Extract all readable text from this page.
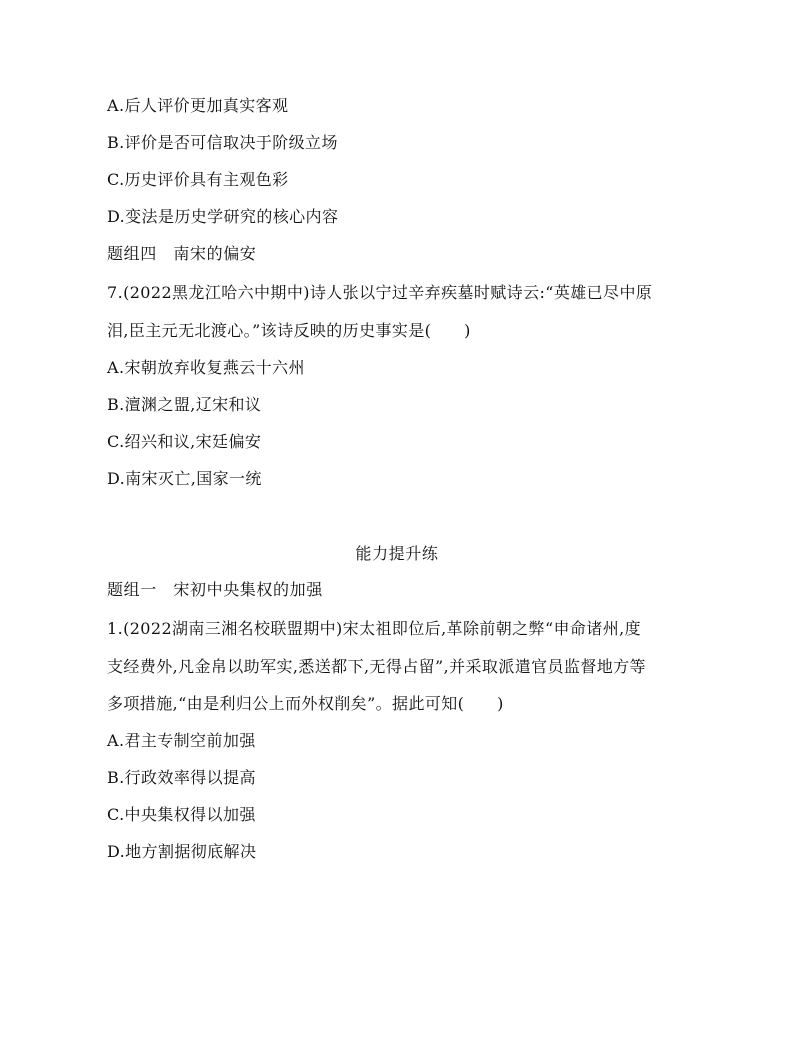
A.后人评价更加真实客观
B.评价是否可信取决于阶级立场
C.历史评价具有主观色彩
D.变法是历史学研究的核心内容
题组四　南宋的偏安
7.(2022黑龙江哈六中期中)诗人张以宁过辛弃疾墓时赋诗云:“英雄已尽中原
泪,臣主元无北渡心。”该诗反映的历史事实是(　　)
A.宋朝放弃收复燕云十六州
B.澶渊之盟,辽宋和议
C.绍兴和议,宋廷偏安
D.南宋灭亡,国家一统
能力提升练
题组一　宋初中央集权的加强
1.(2022湖南三湘名校联盟期中)宋太祖即位后,革除前朝之弊“申命诸州,度
支经费外,凡金帛以助军实,悉送都下,无得占留”,并采取派遣官员监督地方等
多项措施,“由是利归公上而外权削矣”。据此可知(　　)
A.君主专制空前加强
B.行政效率得以提高
C.中央集权得以加强
D.地方割据彻底解决
